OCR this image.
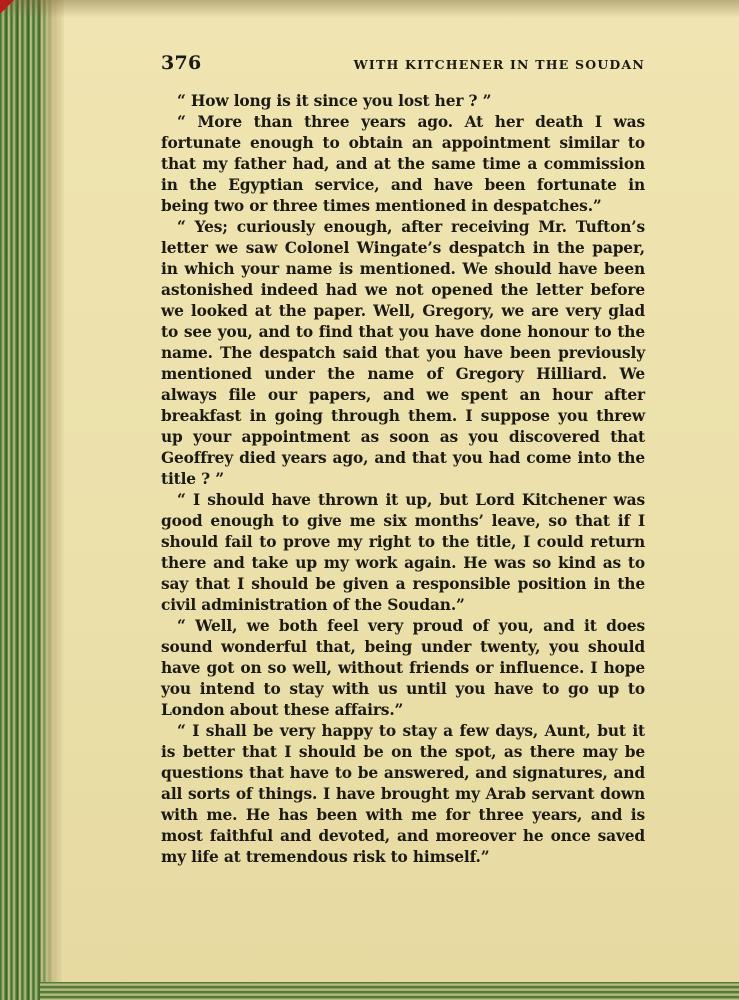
376	WITH KITCHENER IN THE SOUDAN

“ How long is it since you lost her ? ”

“ More than three years ago. At her death I was fortunate enough to obtain an appointment similar to that my father had, and at the same time a commission in the Egyptian service, and have been fortunate in being two or three times mentioned in despatches.”

“ Yes; curiously enough, after receiving Mr. Tufton’s letter we saw Colonel Wingate’s despatch in the paper, in which your name is mentioned. We should have been astonished indeed had we not opened the letter before we looked at the paper. Well, Gregory, we are very glad to see you, and to find that you have done honour to the name. The despatch said that you have been previously mentioned under the name of Gregory Hilliard. We always file our papers, and we spent an hour after breakfast in going through them. I suppose you threw up your appointment as soon as you discovered that Geoffrey died years ago, and that you had come into the title ? ”

“ I should have thrown it up, but Lord Kitchener was good enough to give me six months’ leave, so that if I should fail to prove my right to the title, I could return there and take up my work again. He was so kind as to say that I should be given a responsible position in the civil administration of the Soudan.”

“ Well, we both feel very proud of you, and it does sound wonderful that, being under twenty, you should have got on so well, without friends or influence. I hope you intend to stay with us until you have to go up to London about these affairs.”

“ I shall be very happy to stay a few days, Aunt, but it is better that I should be on the spot, as there may be questions that have to be answered, and signatures, and all sorts of things. I have brought my Arab servant down with me. He has been with me for three years, and is most faithful and devoted, and moreover he once saved my life at tremendous risk to himself.”
